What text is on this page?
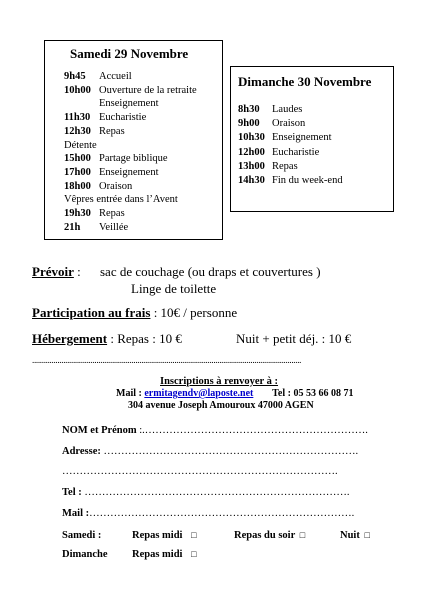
Samedi 29 Novembre
9h45 Accueil
10h00 Ouverture de la retraite
Enseignement
11h30 Eucharistie
12h30 Repas
Détente
15h00 Partage biblique
17h00 Enseignement
18h00 Oraison
Vêpres entrée dans l’Avent
19h30 Repas
21h Veillée
Dimanche 30 Novembre
8h30 Laudes
9h00 Oraison
10h30 Enseignement
12h00 Eucharistie
13h00 Repas
14h30 Fin du week-end
Prévoir : sac de couchage (ou draps et couvertures )
Linge de toilette
Participation au frais : 10€ / personne
Hébergement : Repas : 10 €	Nuit + petit déj. : 10 €
..........................................................................................................................................
Inscriptions à renvoyer à :
Mail : ermitagendv@laposte.net Tel : 05 53 66 08 71
304 avenue Joseph Amouroux 47000 AGEN
NOM et Prénom :.……………………………………………………….
Adresse: ……………………………………………………………….
…………………………………………………………………….
Tel : ………………………………………………………………….
Mail :………………………………………………………………….
Samedi :	Repas midi □	Repas du soir □	Nuit □
Dimanche Repas midi □
